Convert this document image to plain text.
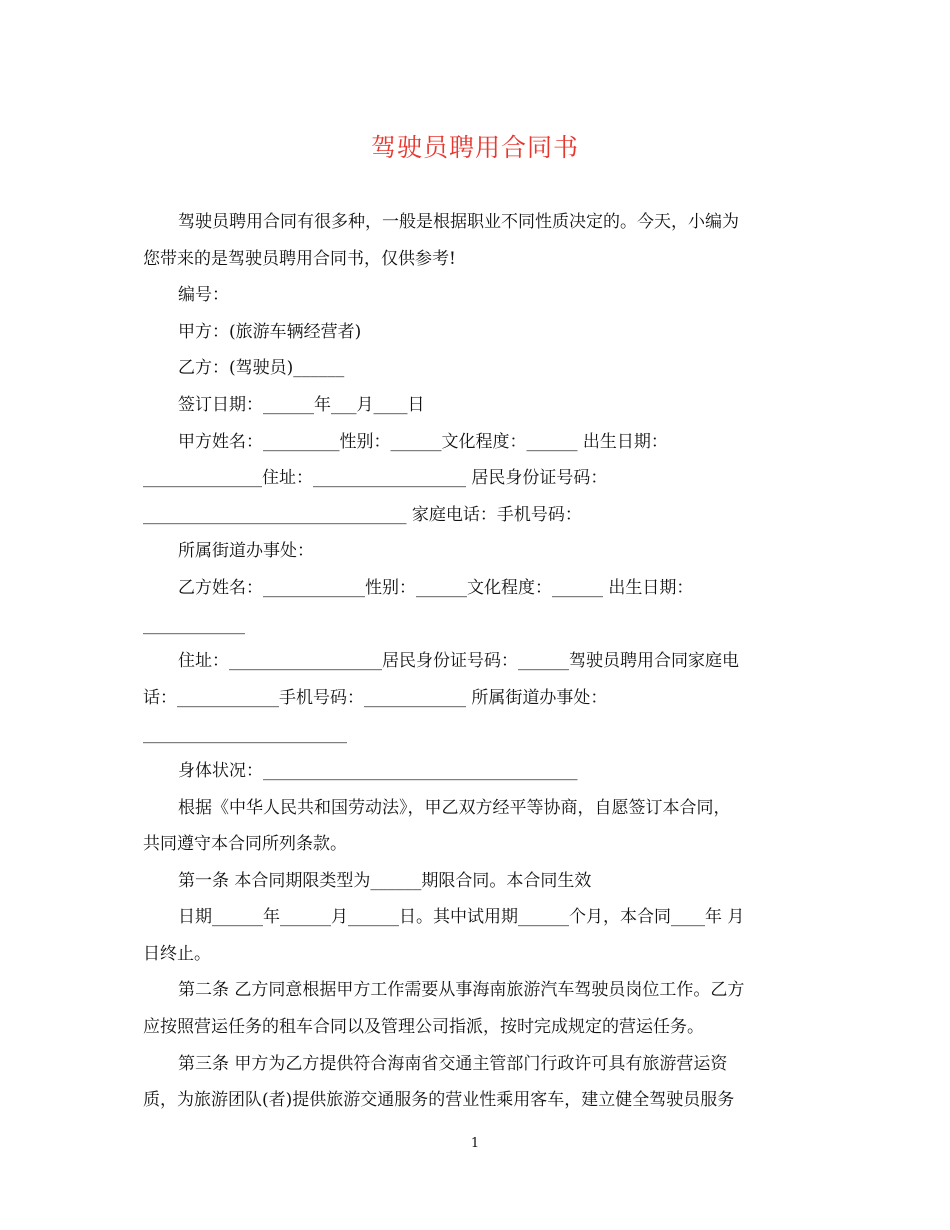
驾驶员聘用合同书

驾驶员聘用合同有很多种，一般是根据职业不同性质决定的。今天，小编为

您带来的是驾驶员聘用合同书，仅供参考!

编号：

甲方：(旅游车辆经营者)

乙方：(驾驶员)______

签订日期：______年___月____日

甲方姓名：_________性别：______文化程度：______ 出生日期：

______________住址：__________________ 居民身份证号码：

_______________________________ 家庭电话：手机号码：

所属街道办事处：

乙方姓名：____________性别：______文化程度：______ 出生日期：

____________

住址：__________________居民身份证号码：______驾驶员聘用合同家庭电

话：____________手机号码：____________ 所属街道办事处：

________________________

身体状况：_____________________________________

根据《中华人民共和国劳动法》，甲乙双方经平等协商，自愿签订本合同，

共同遵守本合同所列条款。

第一条 本合同期限类型为______期限合同。本合同生效

日期______年______月______日。其中试用期______个月，本合同____年 月

日终止。

第二条 乙方同意根据甲方工作需要从事海南旅游汽车驾驶员岗位工作。乙方

应按照营运任务的租车合同以及管理公司指派，按时完成规定的营运任务。

第三条 甲方为乙方提供符合海南省交通主管部门行政许可具有旅游营运资

质，为旅游团队(者)提供旅游交通服务的营业性乘用客车，建立健全驾驶员服务

1
